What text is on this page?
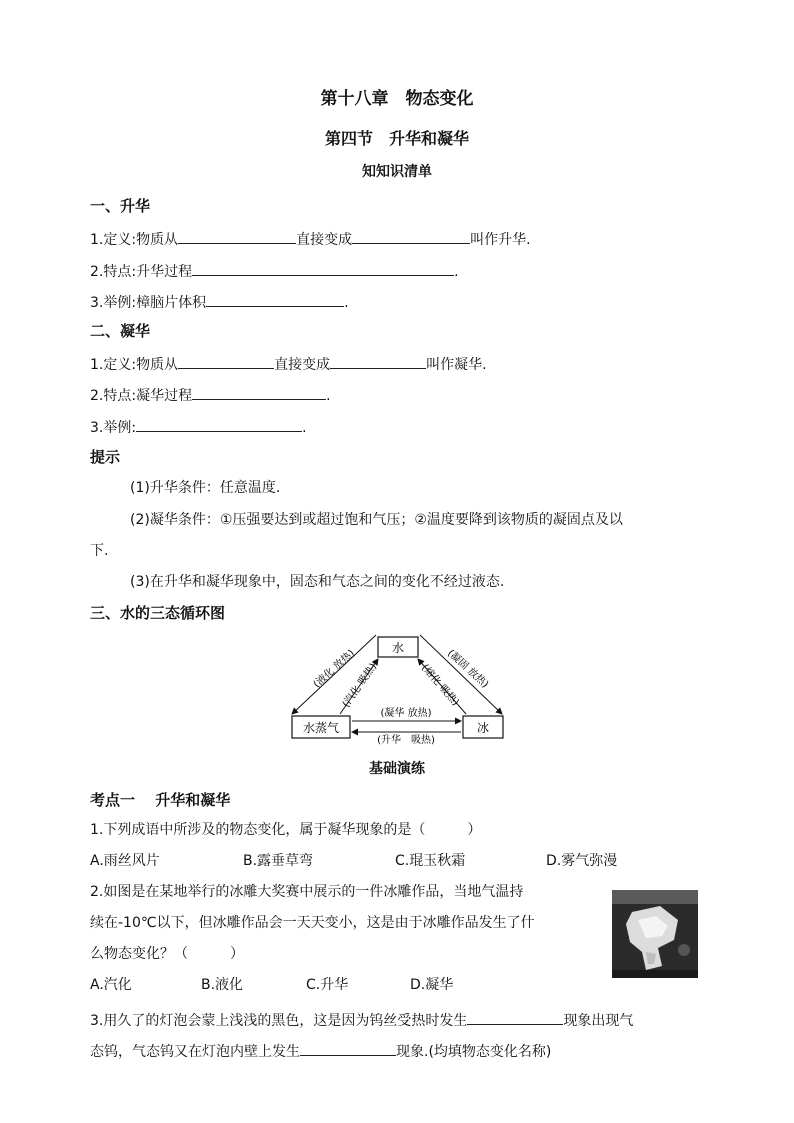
第十八章　物态变化
第四节　升华和凝华
知知识清单
一、升华
1.定义:物质从	直接变成	叫作升华.
2.特点:升华过程	.
3.举例:樟脑片体积	.
二、凝华
1.定义:物质从	直接变成	叫作凝华.
2.特点:凝华过程	.
3.举例:	.
提示
(1)升华条件：任意温度.
(2)凝华条件：①压强要达到或超过饱和气压；②温度要降到该物质的凝固点及以
下.
(3)在升华和凝华现象中，固态和气态之间的变化不经过液态.
三、水的三态循环图
水
水蒸气	冰
(液化 放热)
(汽化 吸热)	(凝固 放热)
(熔化 吸热)
(凝华 放热)
(升华　吸热)
基础演练
考点一　 升华和凝华
1.下列成语中所涉及的物态变化，属于凝华现象的是（　　　）
A.雨丝风片	B.露垂草弯	C.琨玉秋霜	D.雾气弥漫
2.如图是在某地举行的冰雕大奖赛中展示的一件冰雕作品，当地气温持
续在-10℃以下，但冰雕作品会一天天变小，这是由于冰雕作品发生了什
么物态变化？（　　　）
A.汽化	B.液化	C.升华	D.凝华
3.用久了的灯泡会蒙上浅浅的黑色，这是因为钨丝受热时发生	现象出现气
态钨，气态钨又在灯泡内壁上发生	现象.(均填物态变化名称)
